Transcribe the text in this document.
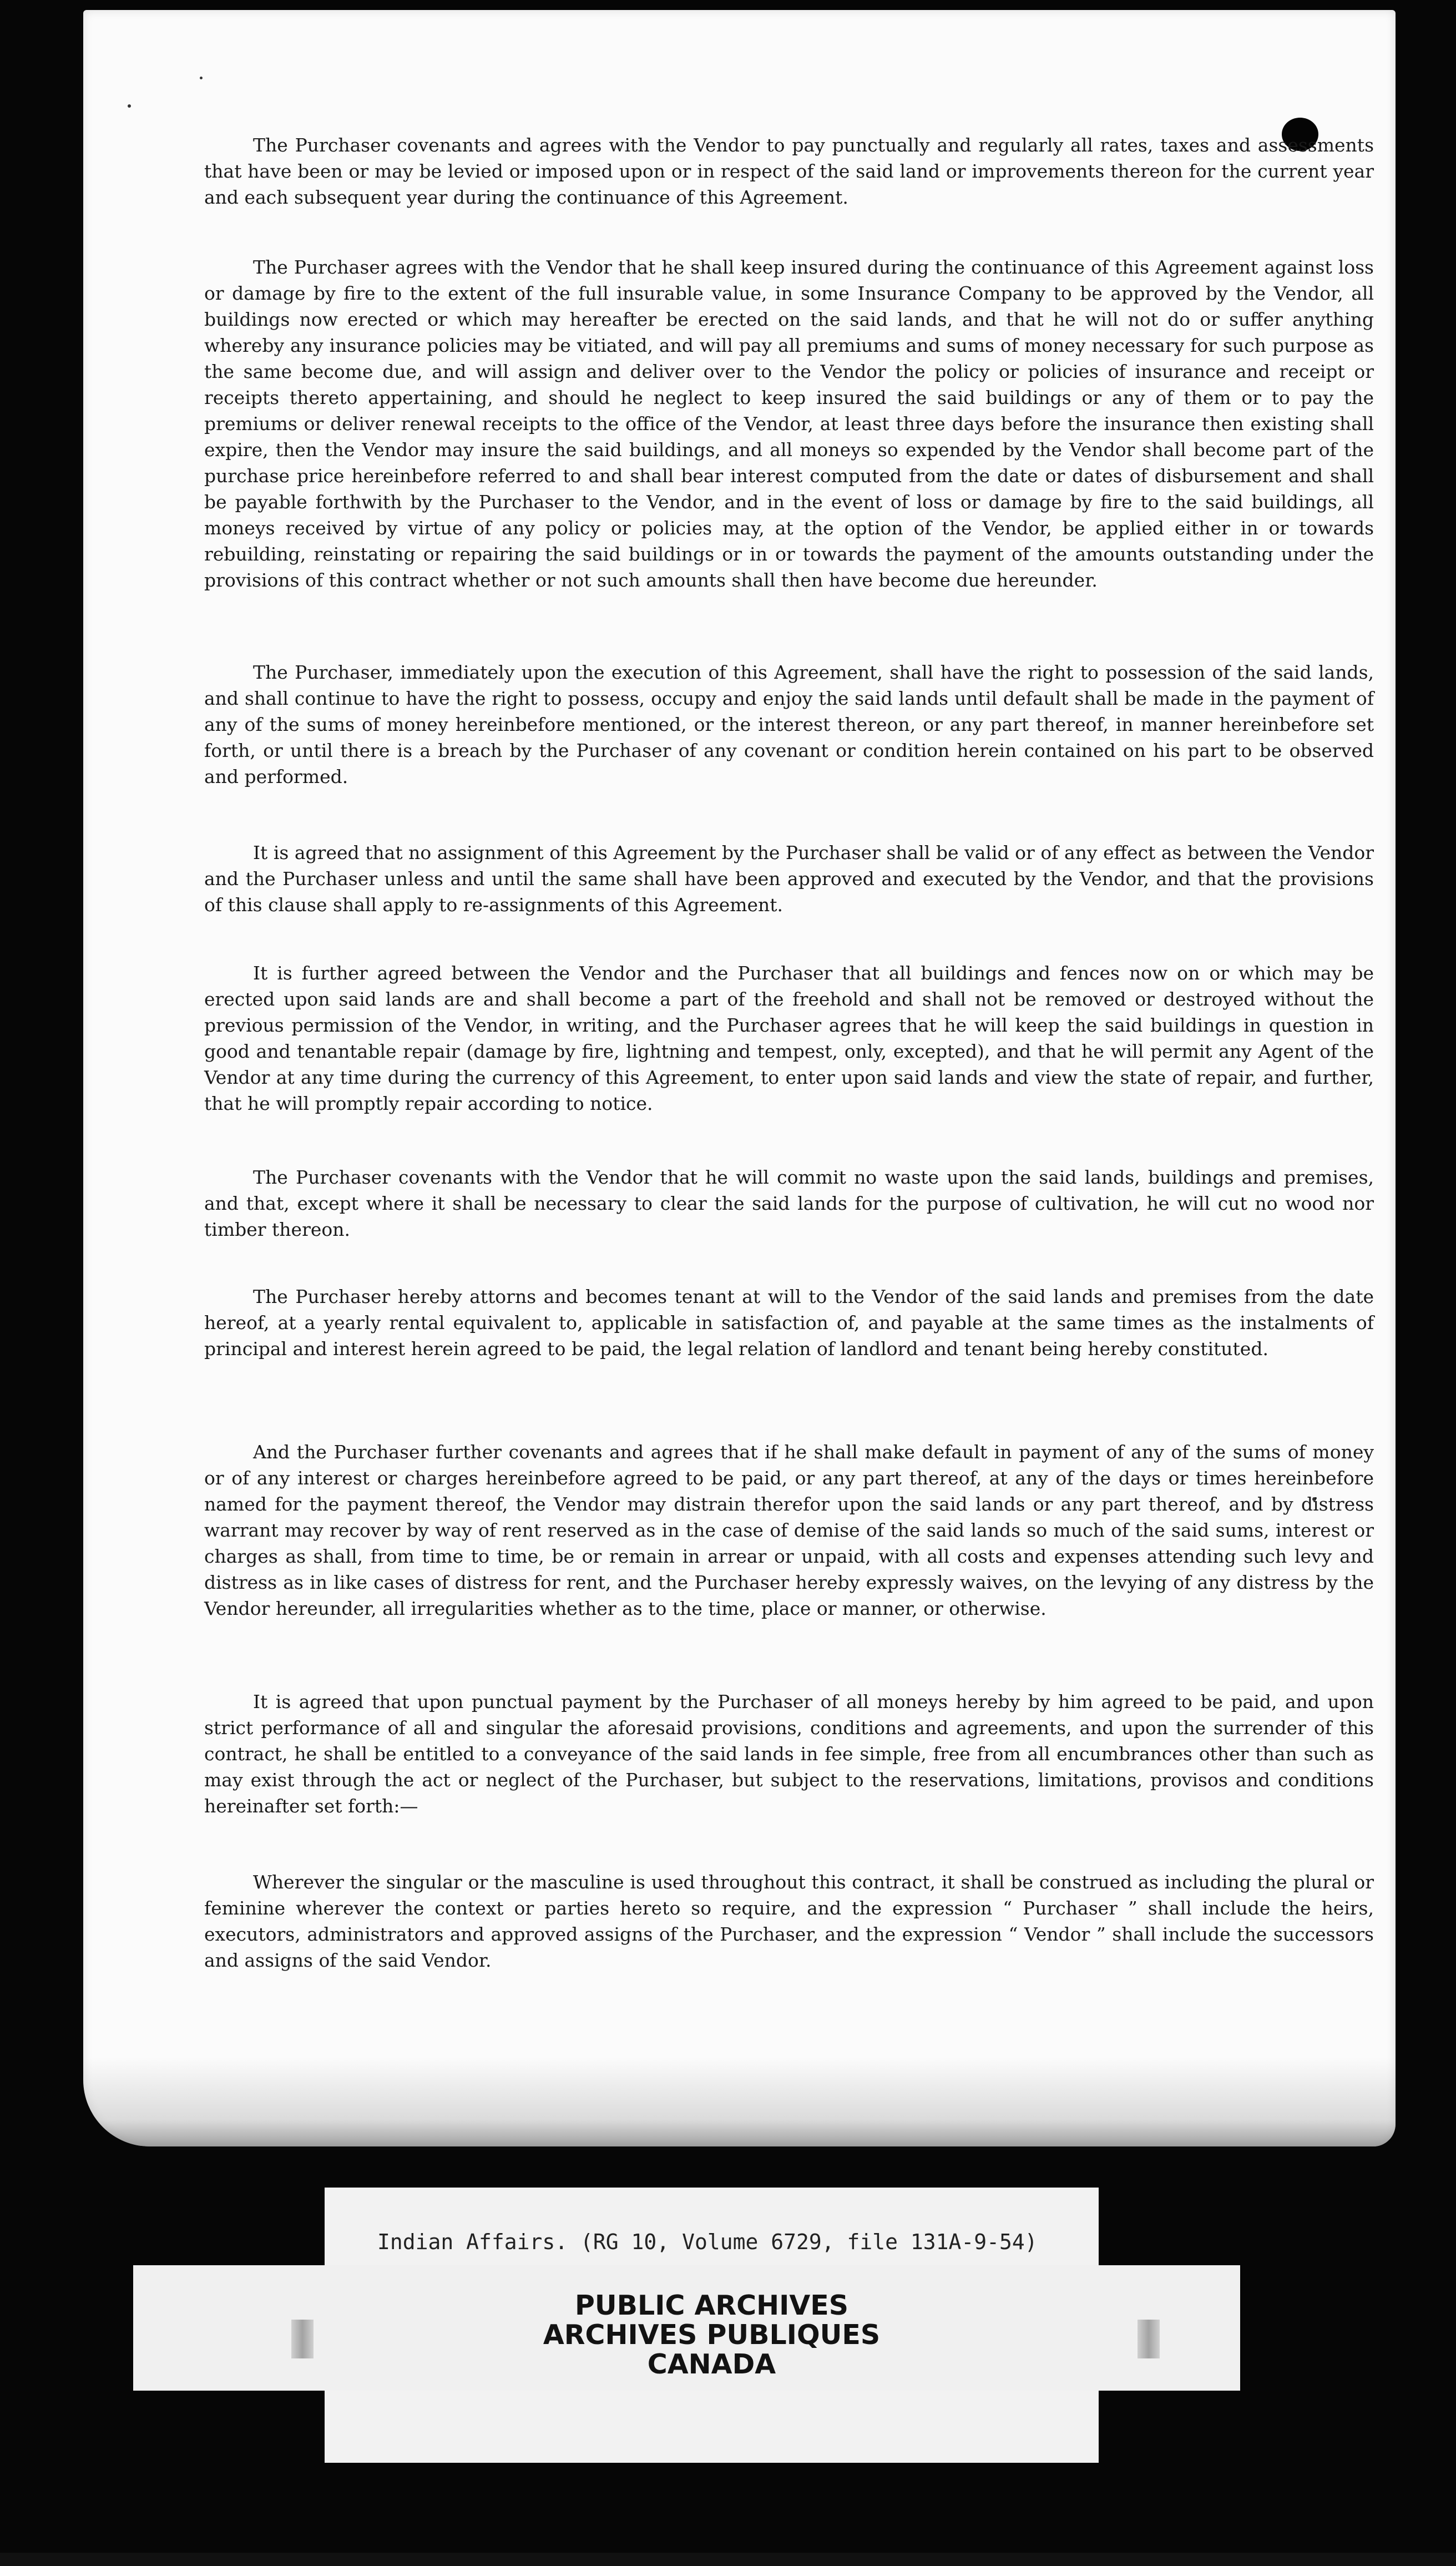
The Purchaser covenants and agrees with the Vendor to pay punctually and regularly all rates, taxes and assessments that have been or may be levied or imposed upon or in respect of the said land or improvements thereon for the current year and each subsequent year during the continuance of this Agreement.

The Purchaser agrees with the Vendor that he shall keep insured during the continuance of this Agreement against loss or damage by fire to the extent of the full insurable value, in some Insurance Company to be approved by the Vendor, all buildings now erected or which may hereafter be erected on the said lands, and that he will not do or suffer anything whereby any insurance policies may be vitiated, and will pay all premiums and sums of money necessary for such purpose as the same become due, and will assign and deliver over to the Vendor the policy or policies of insurance and receipt or receipts thereto appertaining, and should he neglect to keep insured the said buildings or any of them or to pay the premiums or deliver renewal receipts to the office of the Vendor, at least three days before the insurance then existing shall expire, then the Vendor may insure the said buildings, and all moneys so expended by the Vendor shall become part of the purchase price hereinbefore referred to and shall bear interest computed from the date or dates of disbursement and shall be payable forthwith by the Purchaser to the Vendor, and in the event of loss or damage by fire to the said buildings, all moneys received by virtue of any policy or policies may, at the option of the Vendor, be applied either in or towards rebuilding, reinstating or repairing the said buildings or in or towards the payment of the amounts outstanding under the provisions of this contract whether or not such amounts shall then have become due hereunder.

The Purchaser, immediately upon the execution of this Agreement, shall have the right to possession of the said lands, and shall continue to have the right to possess, occupy and enjoy the said lands until default shall be made in the payment of any of the sums of money hereinbefore mentioned, or the interest thereon, or any part thereof, in manner hereinbefore set forth, or until there is a breach by the Purchaser of any covenant or condition herein contained on his part to be observed and performed.

It is agreed that no assignment of this Agreement by the Purchaser shall be valid or of any effect as between the Vendor and the Purchaser unless and until the same shall have been approved and executed by the Vendor, and that the provisions of this clause shall apply to re-assignments of this Agreement.

It is further agreed between the Vendor and the Purchaser that all buildings and fences now on or which may be erected upon said lands are and shall become a part of the freehold and shall not be removed or destroyed without the previous permission of the Vendor, in writing, and the Purchaser agrees that he will keep the said buildings in question in good and tenantable repair (damage by fire, lightning and tempest, only, excepted), and that he will permit any Agent of the Vendor at any time during the currency of this Agreement, to enter upon said lands and view the state of repair, and further, that he will promptly repair according to notice.

The Purchaser covenants with the Vendor that he will commit no waste upon the said lands, buildings and premises, and that, except where it shall be necessary to clear the said lands for the purpose of cultivation, he will cut no wood nor timber thereon.

The Purchaser hereby attorns and becomes tenant at will to the Vendor of the said lands and premises from the date hereof, at a yearly rental equivalent to, applicable in satisfaction of, and payable at the same times as the instalments of principal and interest herein agreed to be paid, the legal relation of landlord and tenant being hereby constituted.

And the Purchaser further covenants and agrees that if he shall make default in payment of any of the sums of money or of any interest or charges hereinbefore agreed to be paid, or any part thereof, at any of the days or times hereinbefore named for the payment thereof, the Vendor may distrain therefor upon the said lands or any part thereof, and by distress warrant may recover by way of rent reserved as in the case of demise of the said lands so much of the said sums, interest or charges as shall, from time to time, be or remain in arrear or unpaid, with all costs and expenses attending such levy and distress as in like cases of distress for rent, and the Purchaser hereby expressly waives, on the levying of any distress by the Vendor hereunder, all irregularities whether as to the time, place or manner, or otherwise.

It is agreed that upon punctual payment by the Purchaser of all moneys hereby by him agreed to be paid, and upon strict performance of all and singular the aforesaid provisions, conditions and agreements, and upon the surrender of this contract, he shall be entitled to a conveyance of the said lands in fee simple, free from all encumbrances other than such as may exist through the act or neglect of the Purchaser, but subject to the reservations, limitations, provisos and conditions hereinafter set forth:—

Wherever the singular or the masculine is used throughout this contract, it shall be construed as including the plural or feminine wherever the context or parties hereto so require, and the expression “ Purchaser ” shall include the heirs, executors, administrators and approved assigns of the Purchaser, and the expression “ Vendor ” shall include the successors and assigns of the said Vendor.

Indian Affairs. (RG 10, Volume 6729, file 131A-9-54)
PUBLIC ARCHIVES
ARCHIVES PUBLIQUES
CANADA
